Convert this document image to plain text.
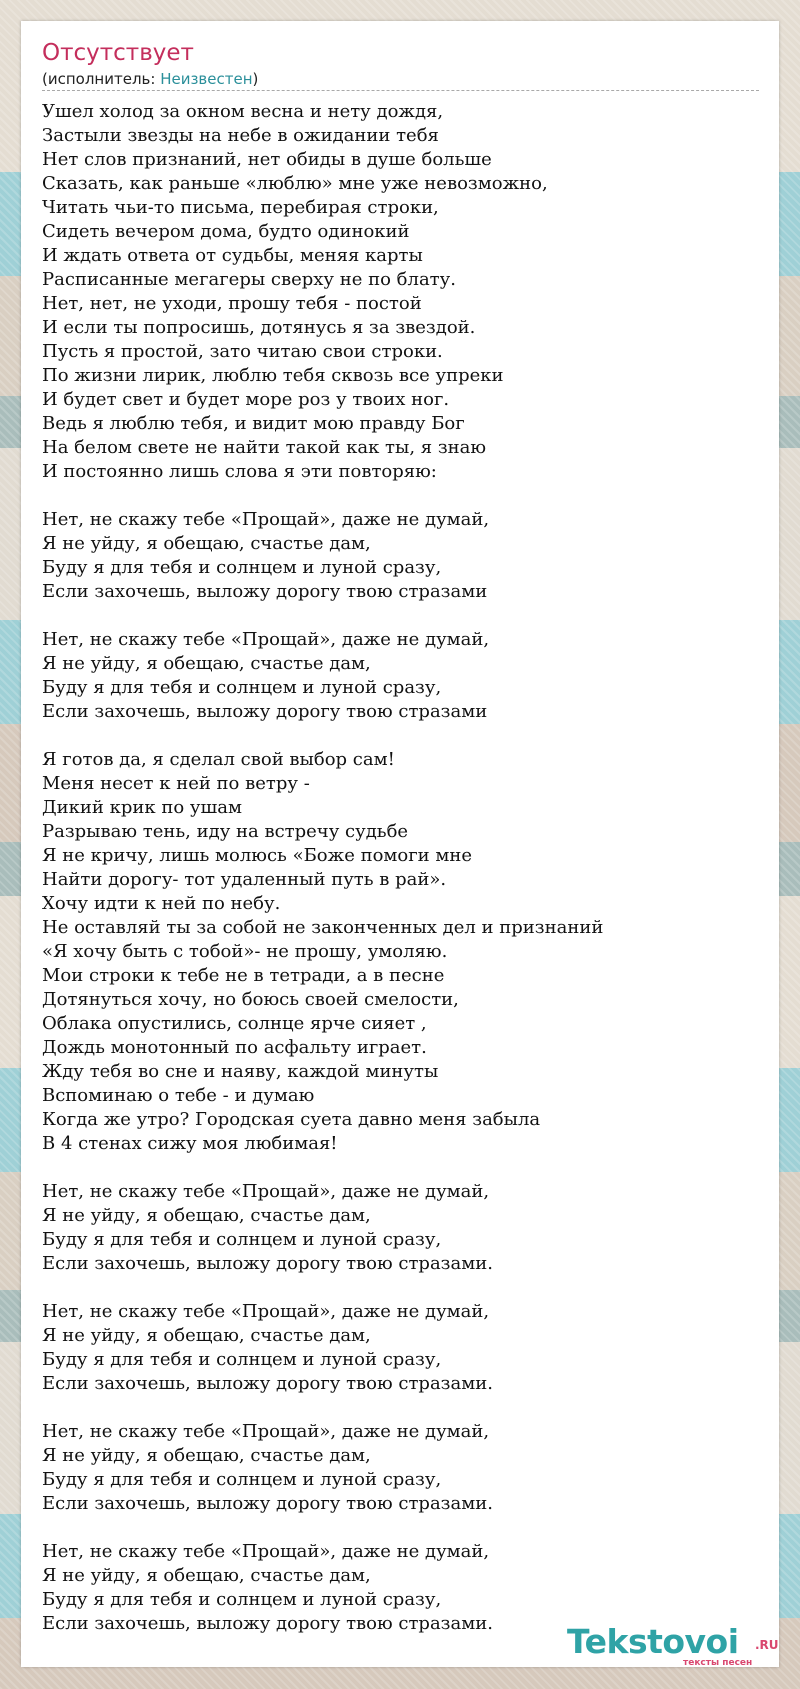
Отсутствует
(исполнитель: Неизвестен)
Ушел холод за окном весна и нету дождя,
Застыли звезды на небе в ожидании тебя
Нет слов признаний, нет обиды в душе больше
Сказать, как раньше «люблю» мне уже невозможно,
Читать чьи-то письма, перебирая строки,
Сидеть вечером дома, будто одинокий
И ждать ответа от судьбы, меняя карты
Расписанные мегагеры сверху не по блату.
Нет, нет, не уходи, прошу тебя - постой
И если ты попросишь, дотянусь я за звездой.
Пусть я простой, зато читаю свои строки.
По жизни лирик, люблю тебя сквозь все упреки
И будет свет и будет море роз у твоих ног.
Ведь я люблю тебя, и видит мою правду Бог
На белом свете не найти такой как ты, я знаю
И постоянно лишь слова я эти повторяю:
Нет, не скажу тебе «Прощай», даже не думай,
Я не уйду, я обещаю, счастье дам,
Буду я для тебя и солнцем и луной сразу,
Если захочешь, выложу дорогу твою стразами
Нет, не скажу тебе «Прощай», даже не думай,
Я не уйду, я обещаю, счастье дам,
Буду я для тебя и солнцем и луной сразу,
Если захочешь, выложу дорогу твою стразами
Я готов да, я сделал свой выбор сам!
Меня несет к ней по ветру -
Дикий крик по ушам
Разрываю тень, иду на встречу судьбе
Я не кричу, лишь молюсь «Боже помоги мне
Найти дорогу- тот удаленный путь в рай».
Хочу идти к ней по небу.
Не оставляй ты за собой не законченных дел и признаний
«Я хочу быть с тобой»- не прошу, умоляю.
Мои строки к тебе не в тетради, а в песне
Дотянуться хочу, но боюсь своей смелости,
Облака опустились, солнце ярче сияет ,
Дождь монотонный по асфальту играет.
Жду тебя во сне и наяву, каждой минуты
Вспоминаю о тебе - и думаю
Когда же утро? Городская суета давно меня забыла
В 4 стенах сижу моя любимая!
Нет, не скажу тебе «Прощай», даже не думай,
Я не уйду, я обещаю, счастье дам,
Буду я для тебя и солнцем и луной сразу,
Если захочешь, выложу дорогу твою стразами.
Нет, не скажу тебе «Прощай», даже не думай,
Я не уйду, я обещаю, счастье дам,
Буду я для тебя и солнцем и луной сразу,
Если захочешь, выложу дорогу твою стразами.
Нет, не скажу тебе «Прощай», даже не думай,
Я не уйду, я обещаю, счастье дам,
Буду я для тебя и солнцем и луной сразу,
Если захочешь, выложу дорогу твою стразами.
Нет, не скажу тебе «Прощай», даже не думай,
Я не уйду, я обещаю, счастье дам,
Буду я для тебя и солнцем и луной сразу,
Если захочешь, выложу дорогу твою стразами.	Tekstovoi .RU
тексты песен
